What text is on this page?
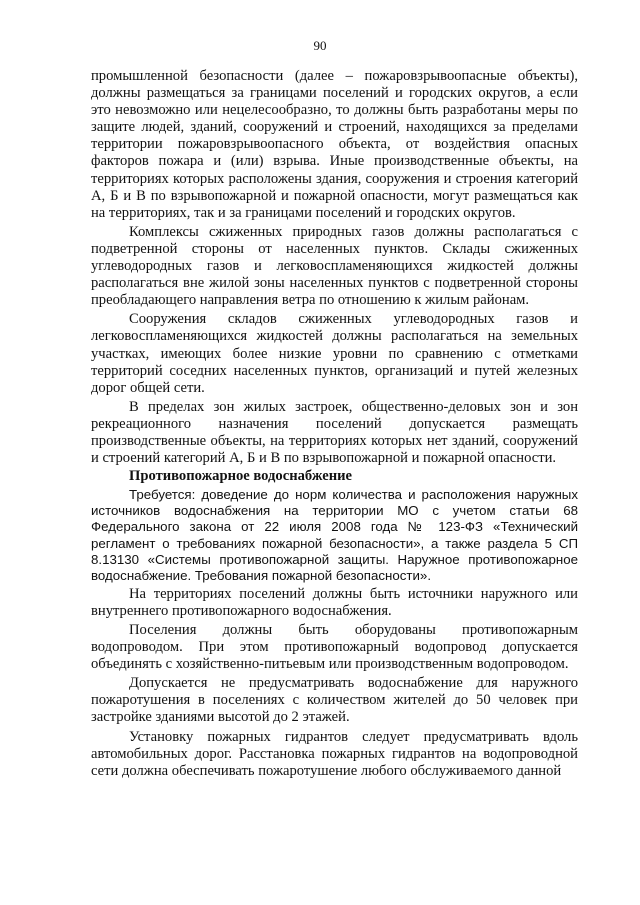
90

промышленной безопасности (далее – пожаровзрывоопасные объекты), должны размещаться за границами поселений и городских округов, а если это невозможно или нецелесообразно, то должны быть разработаны меры по защите людей, зданий, сооружений и строений, находящихся за пределами территории пожаровзрывоопасного объекта, от воздействия опасных факторов пожара и (или) взрыва. Иные производственные объекты, на территориях которых расположены здания, сооружения и строения категорий А, Б и В по взрывопожарной и пожарной опасности, могут размещаться как на территориях, так и за границами поселений и городских округов.

Комплексы сжиженных природных газов должны располагаться с подветренной стороны от населенных пунктов. Склады сжиженных углеводородных газов и легковоспламеняющихся жидкостей должны располагаться вне жилой зоны населенных пунктов с подветренной стороны преобладающего направления ветра по отношению к жилым районам.

Сооружения складов сжиженных углеводородных газов и легковоспламеняющихся жидкостей должны располагаться на земельных участках, имеющих более низкие уровни по сравнению с отметками территорий соседних населенных пунктов, организаций и путей железных дорог общей сети.

В пределах зон жилых застроек, общественно-деловых зон и зон рекреационного назначения поселений допускается размещать производственные объекты, на территориях которых нет зданий, сооружений и строений категорий А, Б и В по взрывопожарной и пожарной опасности.

Противопожарное водоснабжение

Требуется: доведение до норм количества и расположения наружных источников водоснабжения на территории МО с учетом статьи 68 Федерального закона от 22 июля 2008 года № 123-ФЗ «Технический регламент о требованиях пожарной безопасности», а также раздела 5 СП 8.13130 «Системы противопожарной защиты. Наружное противопожарное водоснабжение. Требования пожарной безопасности».

На территориях поселений должны быть источники наружного или внутреннего противопожарного водоснабжения.

Поселения должны быть оборудованы противопожарным водопроводом. При этом противопожарный водопровод допускается объединять с хозяйственно-питьевым или производственным водопроводом.

Допускается не предусматривать водоснабжение для наружного пожаротушения в поселениях с количеством жителей до 50 человек при застройке зданиями высотой до 2 этажей.

Установку пожарных гидрантов следует предусматривать вдоль автомобильных дорог. Расстановка пожарных гидрантов на водопроводной сети должна обеспечивать пожаротушение любого обслуживаемого данной
